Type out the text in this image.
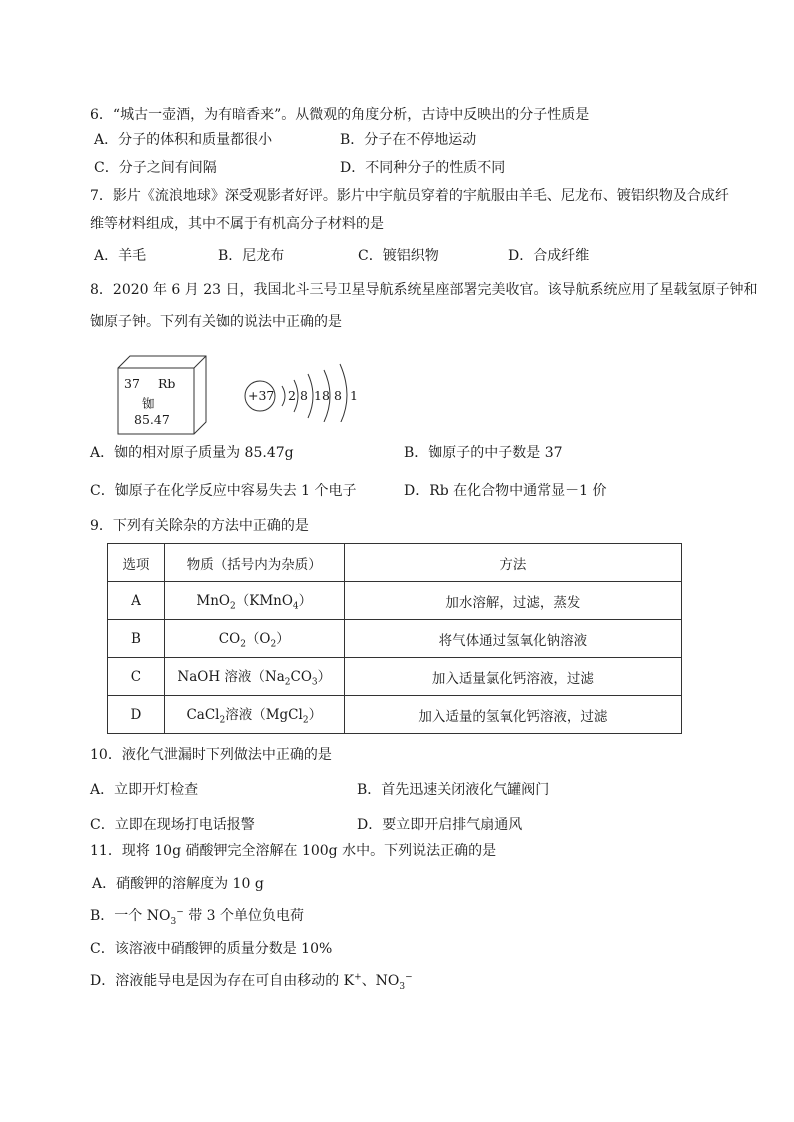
6．“城古一壶酒，为有暗香来”。从微观的角度分析，古诗中反映出的分子性质是
A．分子的体积和质量都很小	B．分子在不停地运动
C．分子之间有间隔	D．不同种分子的性质不同
7．影片《流浪地球》深受观影者好评。影片中宇航员穿着的宇航服由羊毛、尼龙布、镀铝织物及合成纤
维等材料组成，其中不属于有机高分子材料的是
A．羊毛	B．尼龙布	C．镀铝织物	D．合成纤维
8．2020 年 6 月 23 日，我国北斗三号卫星导航系统星座部署完美收官。该导航系统应用了星载氢原子钟和
铷原子钟。下列有关铷的说法中正确的是
37 Rb
铷
85.47
+37 2 8 18 8 1
A．铷的相对原子质量为 85.47g	B．铷原子的中子数是 37
C．铷原子在化学反应中容易失去 1 个电子	D．Rb 在化合物中通常显－1 价
9．下列有关除杂的方法中正确的是
选项	物质（括号内为杂质）	方法
A	MnO$_2$（KMnO$_4$）	加水溶解，过滤，蒸发
B	$CO_2(O_2)$	将气体通过氢氧化钠溶液
C	NaOH 溶液$(Na_2CO_3)$	加入适量氯化钙溶液，过滤
D	CaCl$_2$溶液（MgCl$_2$）	加入适量的氢氧化钙溶液，过滤
10．液化气泄漏时下列做法中正确的是
A．立即开灯检查	B．首先迅速关闭液化气罐阀门
C．立即在现场打电话报警	D．要立即开启排气扇通风
11．现将 10g 硝酸钾完全溶解在 100g 水中。下列说法正确的是
A．硝酸钾的溶解度为 10 g
B．一个 $NO_3^-$ 带 3 个单位负电荷
C．该溶液中硝酸钾的质量分数是 10%
D．溶液能导电是因为存在可自由移动的 K+、$NO_3^-$
